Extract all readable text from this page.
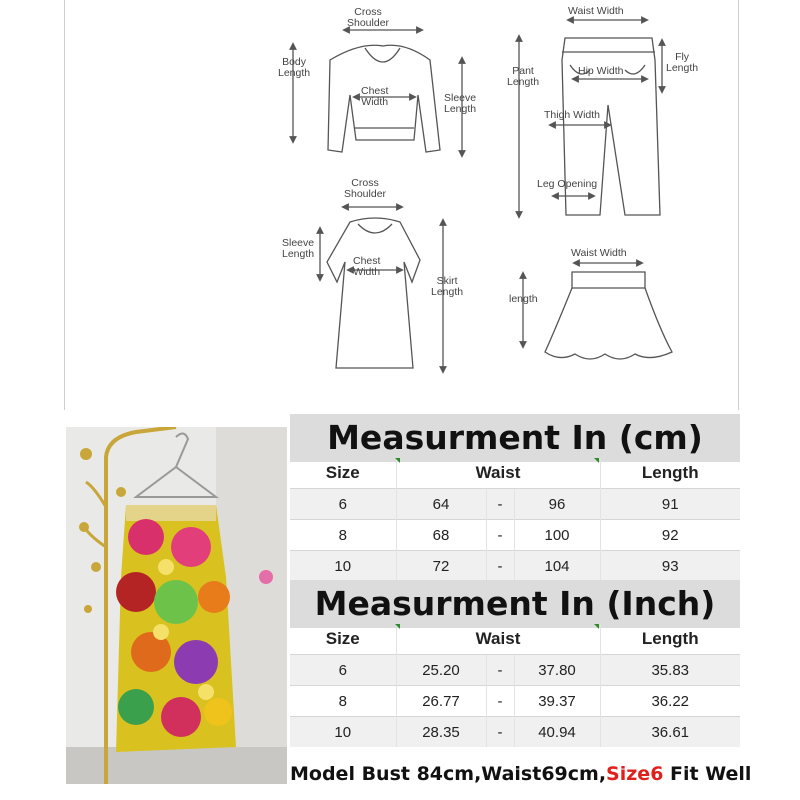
Cross
Shoulder
Body
Length
Chest
Width	Sleeve
Length
Waist Width
Pant
Length
Fly
Length
Hip Width
Thigh Width
Leg Opening
Cross
Shoulder
Sleeve
Length
Chest
Width
Skirt
Length
Waist Width
length
Measurment In (cm)
Size	Waist			Length
6	64	-	96	91
8	68	-	100	92
10	72	-	104	93
Measurment In (Inch)
Size	Waist			Length
6	25.20	-	37.80	35.83
8	26.77	-	39.37	36.22
10	28.35	-	40.94	36.61
Model Bust 84cm,Waist69cm,Size6 Fit Well
